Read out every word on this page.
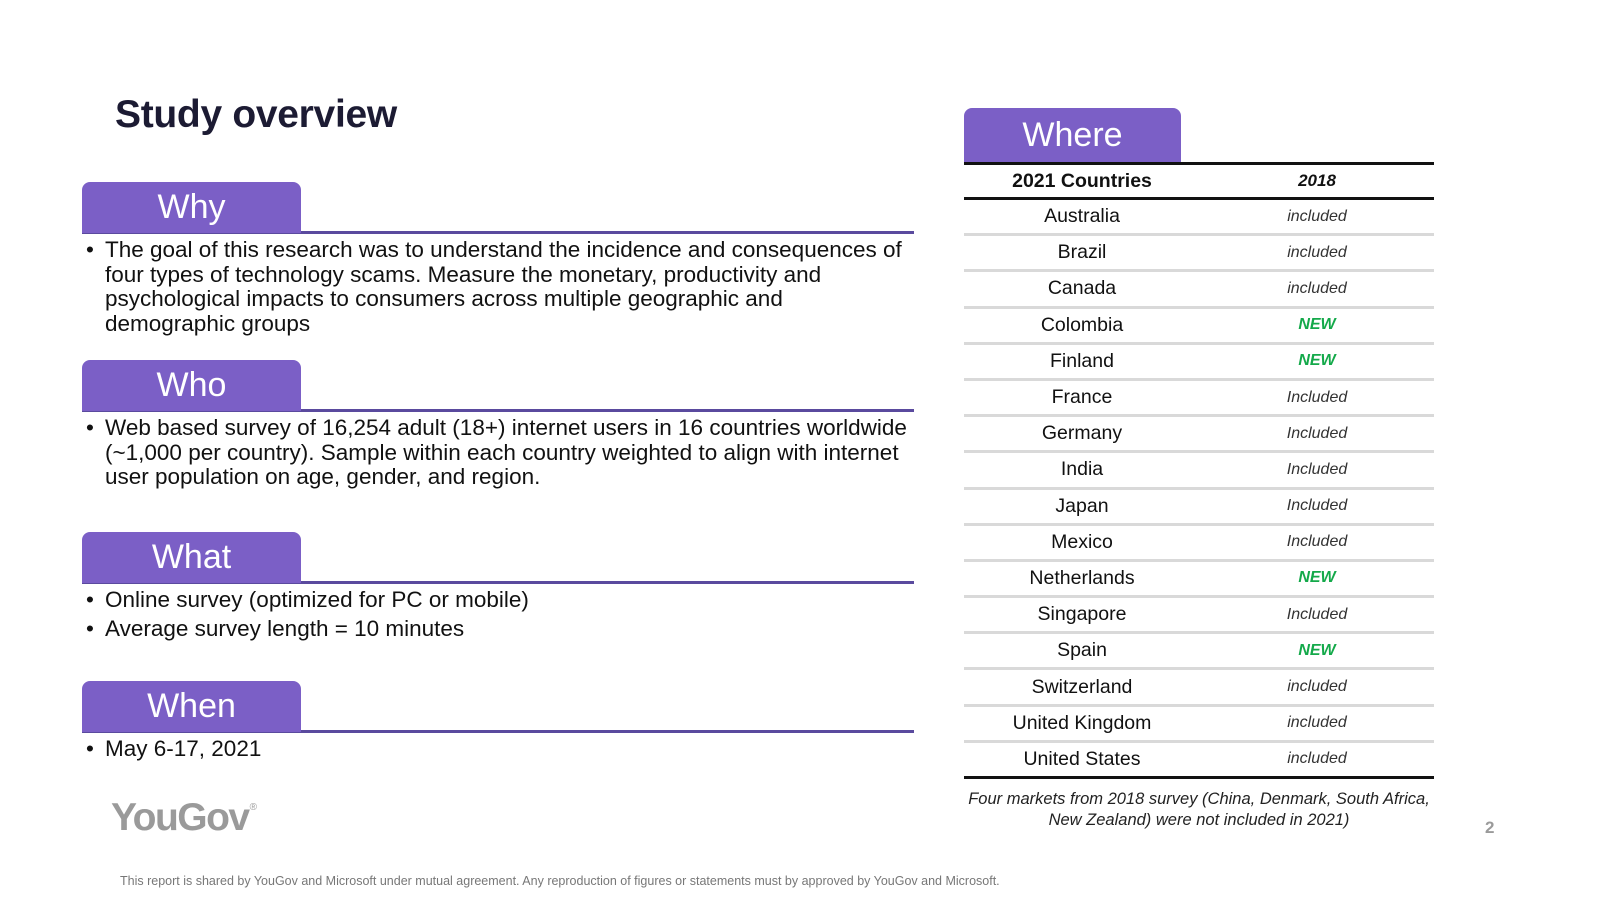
Study overview
Why
• The goal of this research was to understand the incidence and consequences of four types of technology scams. Measure the monetary, productivity and psychological impacts to consumers across multiple geographic and demographic groups
Who
• Web based survey of 16,254 adult (18+) internet users in 16 countries worldwide (~1,000 per country). Sample within each country weighted to align with internet user population on age, gender, and region.
What
• Online survey (optimized for PC or mobile)
• Average survey length = 10 minutes
When
• May 6-17, 2021
Where
2021 Countries	2018
Australia	included
Brazil	included
Canada	included
Colombia	NEW
Finland	NEW
France	Included
Germany	Included
India	Included
Japan	Included
Mexico	Included
Netherlands	NEW
Singapore	Included
Spain	NEW
Switzerland	included
United Kingdom	included
United States	included
Four markets from 2018 survey (China, Denmark, South Africa, New Zealand) were not included in 2021)
YouGov®
2
This report is shared by YouGov and Microsoft under mutual agreement. Any reproduction of figures or statements must by approved by YouGov and Microsoft.
